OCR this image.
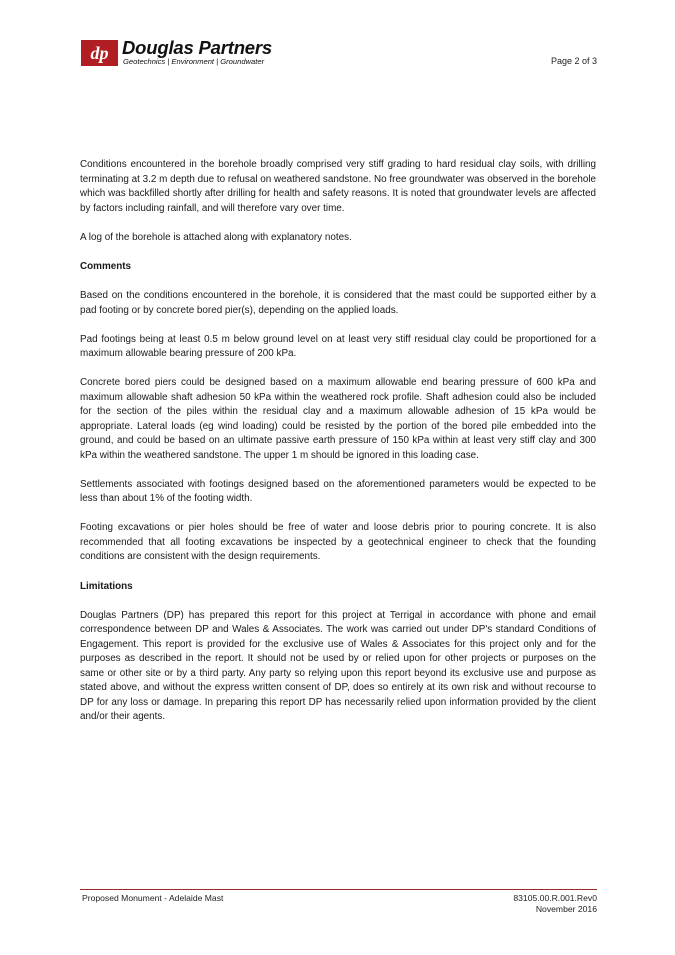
dp Douglas Partners
Geotechnics | Environment | Groundwater	Page 2 of 3

Conditions encountered in the borehole broadly comprised very stiff grading to hard residual clay soils, with drilling terminating at 3.2 m depth due to refusal on weathered sandstone. No free groundwater was observed in the borehole which was backfilled shortly after drilling for health and safety reasons. It is noted that groundwater levels are affected by factors including rainfall, and will therefore vary over time.

A log of the borehole is attached along with explanatory notes.

Comments

Based on the conditions encountered in the borehole, it is considered that the mast could be supported either by a pad footing or by concrete bored pier(s), depending on the applied loads.

Pad footings being at least 0.5 m below ground level on at least very stiff residual clay could be proportioned for a maximum allowable bearing pressure of 200 kPa.

Concrete bored piers could be designed based on a maximum allowable end bearing pressure of 600 kPa and maximum allowable shaft adhesion 50 kPa within the weathered rock profile. Shaft adhesion could also be included for the section of the piles within the residual clay and a maximum allowable adhesion of 15 kPa would be appropriate. Lateral loads (eg wind loading) could be resisted by the portion of the bored pile embedded into the ground, and could be based on an ultimate passive earth pressure of 150 kPa within at least very stiff clay and 300 kPa within the weathered sandstone. The upper 1 m should be ignored in this loading case.

Settlements associated with footings designed based on the aforementioned parameters would be expected to be less than about 1% of the footing width.

Footing excavations or pier holes should be free of water and loose debris prior to pouring concrete. It is also recommended that all footing excavations be inspected by a geotechnical engineer to check that the founding conditions are consistent with the design requirements.

Limitations

Douglas Partners (DP) has prepared this report for this project at Terrigal in accordance with phone and email correspondence between DP and Wales & Associates. The work was carried out under DP's standard Conditions of Engagement. This report is provided for the exclusive use of Wales & Associates for this project only and for the purposes as described in the report. It should not be used by or relied upon for other projects or purposes on the same or other site or by a third party. Any party so relying upon this report beyond its exclusive use and purpose as stated above, and without the express written consent of DP, does so entirely at its own risk and without recourse to DP for any loss or damage. In preparing this report DP has necessarily relied upon information provided by the client and/or their agents.

Proposed Monument - Adelaide Mast	83105.00.R.001.Rev0
November 2016
